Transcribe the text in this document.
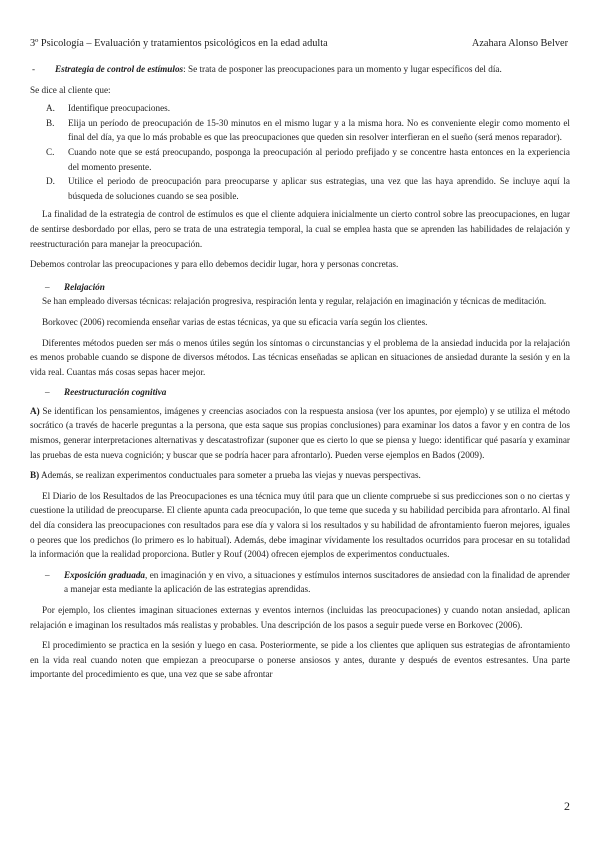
3º Psicología – Evaluación y tratamientos psicológicos en la edad adulta	Azahara Alonso Belver
- Estrategia de control de estímulos: Se trata de posponer las preocupaciones para un momento y lugar específicos del día.

Se dice al cliente que:

A. Identifique preocupaciones.
B. Elija un período de preocupación de 15-30 minutos en el mismo lugar y a la misma hora. No es conveniente elegir como momento el final del día, ya que lo más probable es que las preocupaciones que queden sin resolver interfieran en el sueño (será menos reparador).
C. Cuando note que se está preocupando, posponga la preocupación al periodo prefijado y se concentre hasta entonces en la experiencia del momento presente.
D. Utilice el periodo de preocupación para preocuparse y aplicar sus estrategias, una vez que las haya aprendido. Se incluye aquí la búsqueda de soluciones cuando se sea posible.

La finalidad de la estrategia de control de estímulos es que el cliente adquiera inicialmente un cierto control sobre las preocupaciones, en lugar de sentirse desbordado por ellas, pero se trata de una estrategia temporal, la cual se emplea hasta que se aprenden las habilidades de relajación y reestructuración para manejar la preocupación.

Debemos controlar las preocupaciones y para ello debemos decidir lugar, hora y personas concretas.

– Relajación

Se han empleado diversas técnicas: relajación progresiva, respiración lenta y regular, relajación en imaginación y técnicas de meditación.

Borkovec (2006) recomienda enseñar varias de estas técnicas, ya que su eficacia varía según los clientes.

Diferentes métodos pueden ser más o menos útiles según los síntomas o circunstancias y el problema de la ansiedad inducida por la relajación es menos probable cuando se dispone de diversos métodos. Las técnicas enseñadas se aplican en situaciones de ansiedad durante la sesión y en la vida real. Cuantas más cosas sepas hacer mejor.

– Reestructuración cognitiva

A) Se identifican los pensamientos, imágenes y creencias asociados con la respuesta ansiosa (ver los apuntes, por ejemplo) y se utiliza el método socrático (a través de hacerle preguntas a la persona, que esta saque sus propias conclusiones) para examinar los datos a favor y en contra de los mismos, generar interpretaciones alternativas y descatastrofizar (suponer que es cierto lo que se piensa y luego: identificar qué pasaría y examinar las pruebas de esta nueva cognición; y buscar que se podría hacer para afrontarlo). Pueden verse ejemplos en Bados (2009).

B) Además, se realizan experimentos conductuales para someter a prueba las viejas y nuevas perspectivas.

El Diario de los Resultados de las Preocupaciones es una técnica muy útil para que un cliente compruebe si sus predicciones son o no ciertas y cuestione la utilidad de preocuparse. El cliente apunta cada preocupación, lo que teme que suceda y su habilidad percibida para afrontarlo. Al final del día considera las preocupaciones con resultados para ese día y valora si los resultados y su habilidad de afrontamiento fueron mejores, iguales o peores que los predichos (lo primero es lo habitual). Además, debe imaginar vívidamente los resultados ocurridos para procesar en su totalidad la información que la realidad proporciona. Butler y Rouf (2004) ofrecen ejemplos de experimentos conductuales.

– Exposición graduada, en imaginación y en vivo, a situaciones y estímulos internos suscitadores de ansiedad con la finalidad de aprender a manejar esta mediante la aplicación de las estrategias aprendidas.

Por ejemplo, los clientes imaginan situaciones externas y eventos internos (incluidas las preocupaciones) y cuando notan ansiedad, aplican relajación e imaginan los resultados más realistas y probables. Una descripción de los pasos a seguir puede verse en Borkovec (2006).

El procedimiento se practica en la sesión y luego en casa. Posteriormente, se pide a los clientes que apliquen sus estrategias de afrontamiento en la vida real cuando noten que empiezan a preocuparse o ponerse ansiosos y antes, durante y después de eventos estresantes. Una parte importante del procedimiento es que, una vez que se sabe afrontar

2
